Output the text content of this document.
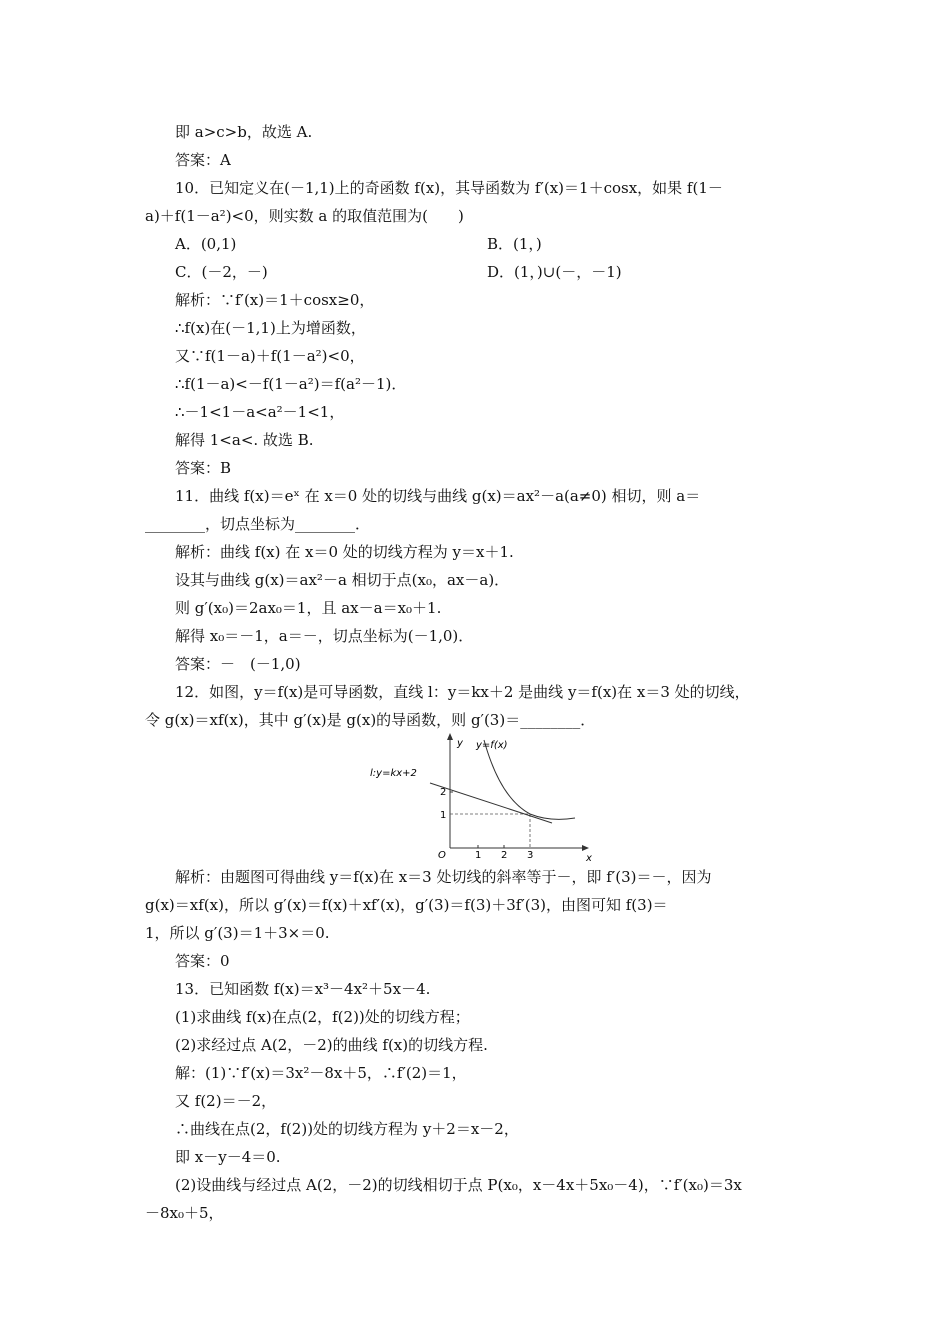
即 a>c>b，故选 A.
答案：A
10．已知定义在(－1,1)上的奇函数 f(x)，其导函数为 f′(x)＝1＋cosx，如果 f(1－
a)＋f(1－a²)<0，则实数 a 的取值范围为(　　)
A．(0,1)	B．(1，)
C．(－2，－)	D．(1，)∪(－，－1)
解析：∵f′(x)＝1＋cosx≥0，
∴f(x)在(－1,1)上为增函数，
又∵f(1－a)＋f(1－a²)<0，
∴f(1－a)<－f(1－a²)＝f(a²－1)．
∴－1<1－a<a²－1<1，
解得 1<a<. 故选 B.
答案：B
11．曲线 f(x)＝eˣ 在 x＝0 处的切线与曲线 g(x)＝ax²－a(a≠0) 相切，则 a＝
________，切点坐标为________．
解析：曲线 f(x) 在 x＝0 处的切线方程为 y＝x＋1.
设其与曲线 g(x)＝ax²－a 相切于点(x₀，ax－a)．
则 g′(x₀)＝2ax₀＝1，且 ax－a＝x₀＋1.
解得 x₀＝－1，a＝－，切点坐标为(－1,0)．
答案：－　(－1,0)
12．如图，y＝f(x)是可导函数，直线 l：y＝kx＋2 是曲线 y＝f(x)在 x＝3 处的切线，
令 g(x)＝xf(x)，其中 g′(x)是 g(x)的导函数，则 g′(3)＝________．
y
x
O
y=f(x)
l:y=kx+2
1 2 3
2
1
解析：由题图可得曲线 y＝f(x)在 x＝3 处切线的斜率等于－，即 f′(3)＝－，因为
g(x)＝xf(x)，所以 g′(x)＝f(x)＋xf′(x)，g′(3)＝f(3)＋3f′(3)，由图可知 f(3)＝
1，所以 g′(3)＝1＋3×＝0.
答案：0
13．已知函数 f(x)＝x³－4x²＋5x－4.
(1)求曲线 f(x)在点(2，f(2))处的切线方程；
(2)求经过点 A(2，－2)的曲线 f(x)的切线方程.
解：(1)∵f′(x)＝3x²－8x＋5，∴f′(2)＝1，
又 f(2)＝－2，
∴曲线在点(2，f(2))处的切线方程为 y＋2＝x－2，
即 x－y－4＝0.
(2)设曲线与经过点 A(2，－2)的切线相切于点 P(x₀，x－4x＋5x₀－4)，∵f′(x₀)＝3x
－8x₀＋5，
